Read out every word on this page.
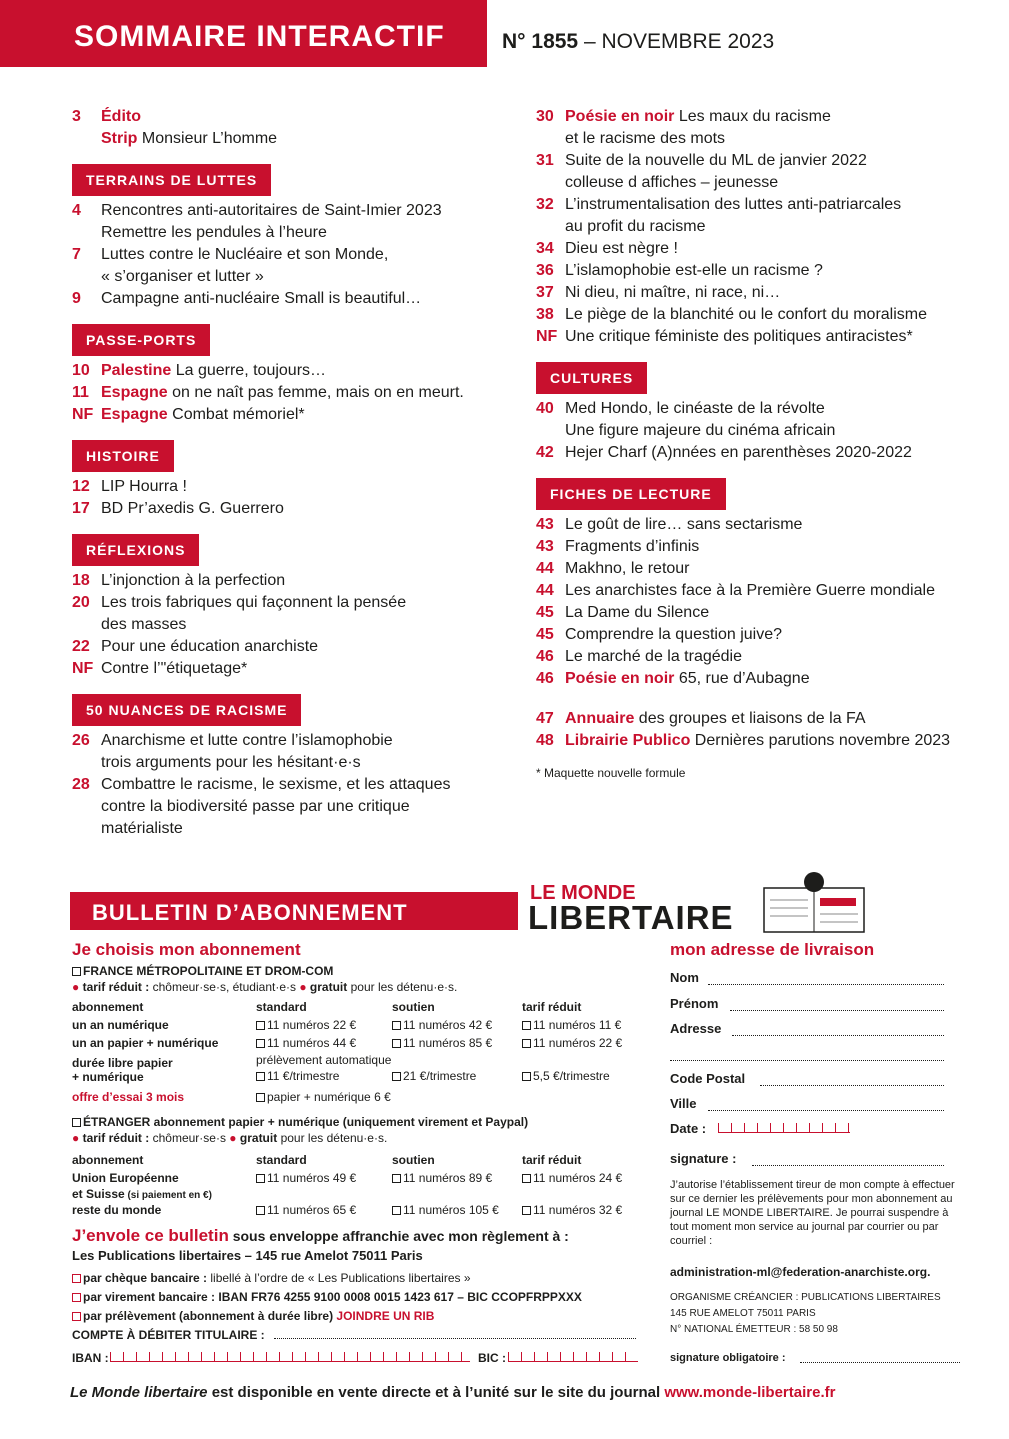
SOMMAIRE INTERACTIF	N° 1855 – NOVEMBRE 2023
3	Édito
Strip Monsieur L’homme
TERRAINS DE LUTTES
4	Rencontres anti-autoritaires de Saint-Imier 2023
Remettre les pendules à l’heure
7	Luttes contre le Nucléaire et son Monde,
« s’organiser et lutter »
9	Campagne anti-nucléaire Small is beautiful…
PASSE-PORTS
10 Palestine La guerre, toujours…
11 Espagne on ne naît pas femme, mais on en meurt.
NF Espagne Combat mémoriel*
HISTOIRE
12 LIP Hourra !
17 BD Pr’axedis G. Guerrero
RÉFLEXIONS
18 L’injonction à la perfection
20 Les trois fabriques qui façonnent la pensée
des masses
22 Pour une éducation anarchiste
NF Contre l’"étiquetage*
50 NUANCES DE RACISME
26 Anarchisme et lutte contre l’islamophobie
trois arguments pour les hésitant·e·s
28 Combattre le racisme, le sexisme, et les attaques
contre la biodiversité passe par une critique
matérialiste
30 Poésie en noir Les maux du racisme
et le racisme des mots
31 Suite de la nouvelle du ML de janvier 2022
colleuse d affiches – jeunesse
32 L’instrumentalisation des luttes anti-patriarcales
au profit du racisme
34 Dieu est nègre !
36 L’islamophobie est-elle un racisme ?
37 Ni dieu, ni maître, ni race, ni…
38 Le piège de la blanchité ou le confort du moralisme
NF Une critique féministe des politiques antiracistes*
CULTURES
40 Med Hondo, le cinéaste de la révolte
Une figure majeure du cinéma africain
42 Hejer Charf (A)nnées en parenthèses 2020-2022
FICHES DE LECTURE
43 Le goût de lire… sans sectarisme
43 Fragments d’infinis
44 Makhno, le retour
44 Les anarchistes face à la Première Guerre mondiale
45 La Dame du Silence
45 Comprendre la question juive?
46 Le marché de la tragédie
46 Poésie en noir 65, rue d’Aubagne
47 Annuaire des groupes et liaisons de la FA
48 Librairie Publico Dernières parutions novembre 2023
* Maquette nouvelle formule
BULLETIN D’ABONNEMENT
LE MONDE
LIBERTAIRE
Je choisis mon abonnement
FRANCE MÉTROPOLITAINE ET DROM-COM
● tarif réduit : chômeur·se·s, étudiant·e·s ● gratuit pour les détenu·e·s.
abonnement	standard	soutien	tarif réduit
un an numérique	11 numéros 22 €	11 numéros 42 €	11 numéros 11 €
un an papier + numérique	11 numéros 44 €	11 numéros 85 €	11 numéros 22 €
prélèvement automatique
durée libre papier
+ numérique	11 €/trimestre	21 €/trimestre	5,5 €/trimestre
offre d’essai 3 mois	papier + numérique 6 €
ÉTRANGER abonnement papier + numérique (uniquement virement et Paypal)
● tarif réduit : chômeur·se·s ● gratuit pour les détenu·e·s.
abonnement	standard	soutien	tarif réduit
Union Européenne	11 numéros 49 €	11 numéros 89 €	11 numéros 24 €
et Suisse (si paiement en €)
reste du monde	11 numéros 65 €	11 numéros 105 €	11 numéros 32 €
J’envole ce bulletin sous enveloppe affranchie avec mon règlement à :
Les Publications libertaires – 145 rue Amelot 75011 Paris
par chèque bancaire : libellé à l’ordre de « Les Publications libertaires »
par virement bancaire : IBAN FR76 4255 9100 0008 0015 1423 617 – BIC CCOPFRPPXXX
par prélèvement (abonnement à durée libre) JOINDRE UN RIB
COMPTE À DÉBITER TITULAIRE :
IBAN :	BIC :
mon adresse de livraison
Nom
Prénom
Adresse
Code Postal
Ville
Date :
signature :
J’autorise l’établissement tireur de mon compte à effectuer sur ce dernier les prélèvements pour mon abonnement au journal LE MONDE LIBERTAIRE. Je pourrai suspendre à tout moment mon service au journal par courrier ou par courriel :
administration-ml@federation-anarchiste.org.
ORGANISME CRÉANCIER : PUBLICATIONS LIBERTAIRES
145 RUE AMELOT 75011 PARIS
N° NATIONAL ÉMETTEUR : 58 50 98
signature obligatoire :
Le Monde libertaire est disponible en vente directe et à l’unité sur le site du journal www.monde-libertaire.fr
